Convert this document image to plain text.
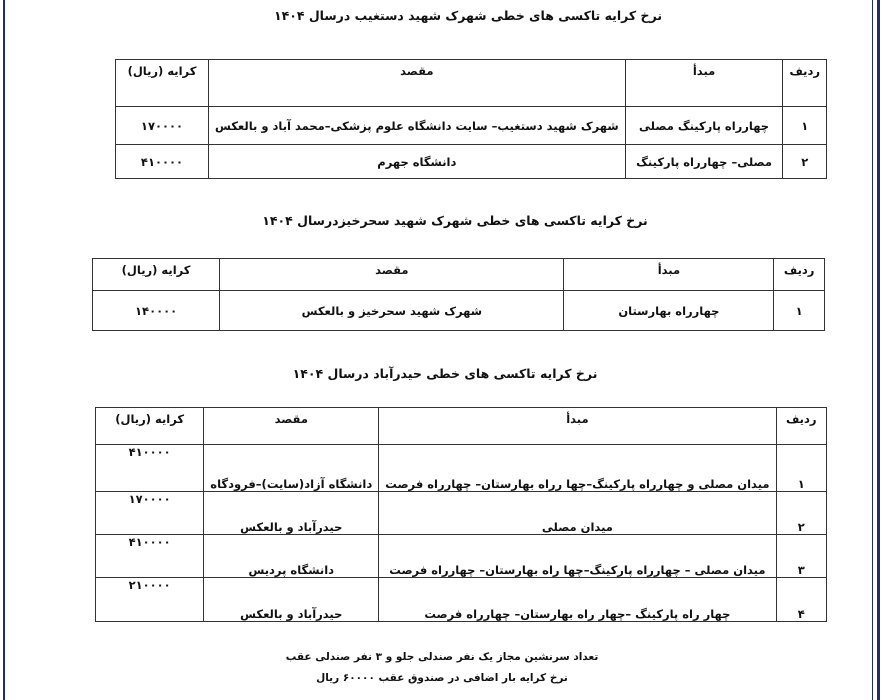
نرخ کرایه تاکسی های خطی شهرک شهید دستغیب درسال ۱۴۰۴
ردیف	مبدأ	مقصد	کرایه (ریال)
۱	چهارراه پارکینگ مصلی	شهرک شهید دستغیب– سایت دانشگاه علوم پزشکی–محمد آباد و بالعکس	۱۷۰۰۰۰
۲	مصلی– چهارراه پارکینگ	دانشگاه جهرم	۴۱۰۰۰۰
نرخ کرایه تاکسی های خطی شهرک شهید سحرخیزدرسال ۱۴۰۴
ردیف	مبدأ	مقصد	کرایه (ریال)
۱	چهارراه بهارستان	شهرک شهید سحرخیز و بالعکس	۱۴۰۰۰۰
نرخ کرایه تاکسی های خطی حیدرآباد درسال ۱۴۰۴
ردیف	مبدأ	مقصد	کرایه (ریال)
۱	میدان مصلی و چهارراه پارکینگ–چها رراه بهارستان– چهارراه فرصت	دانشگاه آزاد(سایت)–فرودگاه	۴۱۰۰۰۰
۲	میدان مصلی	حیدرآباد و بالعکس	۱۷۰۰۰۰
۳	میدان مصلی – چهارراه پارکینگ–چها راه بهارستان– چهارراه فرصت	دانشگاه پردیس	۴۱۰۰۰۰
۴	چهار راه پارکینگ –چهار راه بهارستان– چهارراه فرصت	حیدرآباد و بالعکس	۲۱۰۰۰۰
تعداد سرنشین مجاز یک نفر صندلی جلو و ۳ نفر صندلی عقب
نرخ کرایه بار اضافی در صندوق عقب ۶۰۰۰۰ ریال
